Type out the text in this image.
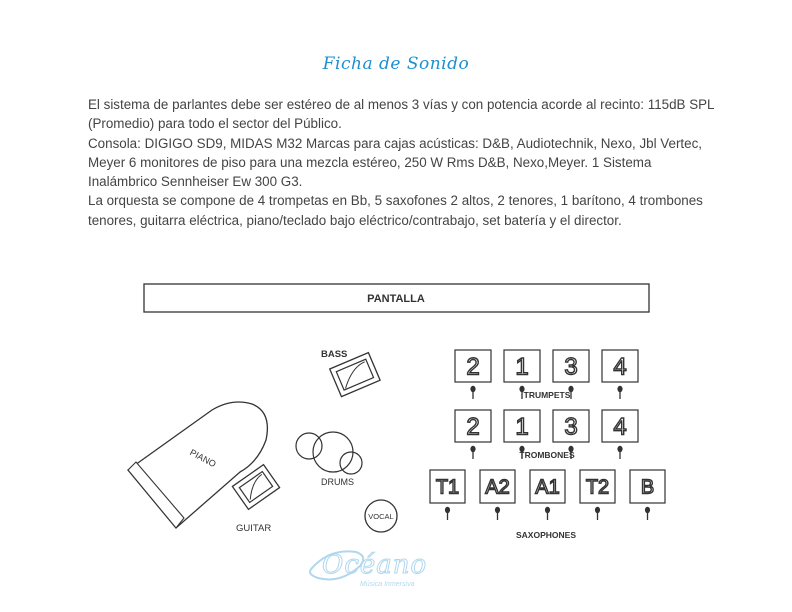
Ficha de Sonido

El sistema de parlantes debe ser estéreo de al menos 3 vías y con potencia acorde al recinto: 115dB SPL (Promedio) para todo el sector del Público.

Consola: DIGIGO SD9, MIDAS M32 Marcas para cajas acústicas: D&B, Audiotechnik, Nexo, Jbl Vertec, Meyer 6 monitores de piso para una mezcla estéreo, 250 W Rms D&B, Nexo,Meyer. 1 Sistema Inalámbrico Sennheiser Ew 300 G3.

La orquesta se compone de 4 trompetas en Bb, 5 saxofones 2 altos, 2 tenores, 1 barítono, 4 trombones tenores, guitarra eléctrica, piano/teclado bajo eléctrico/contrabajo, set batería y el director.

PANTALLA
BASS
PIANO
GUITAR
DRUMS
VOCAL
2 1 3 4
TRUMPETS
2 1 3 4
TROMBONES
T1 A2 A1 T2 B
SAXOPHONES
Océano
Música Inmersiva
